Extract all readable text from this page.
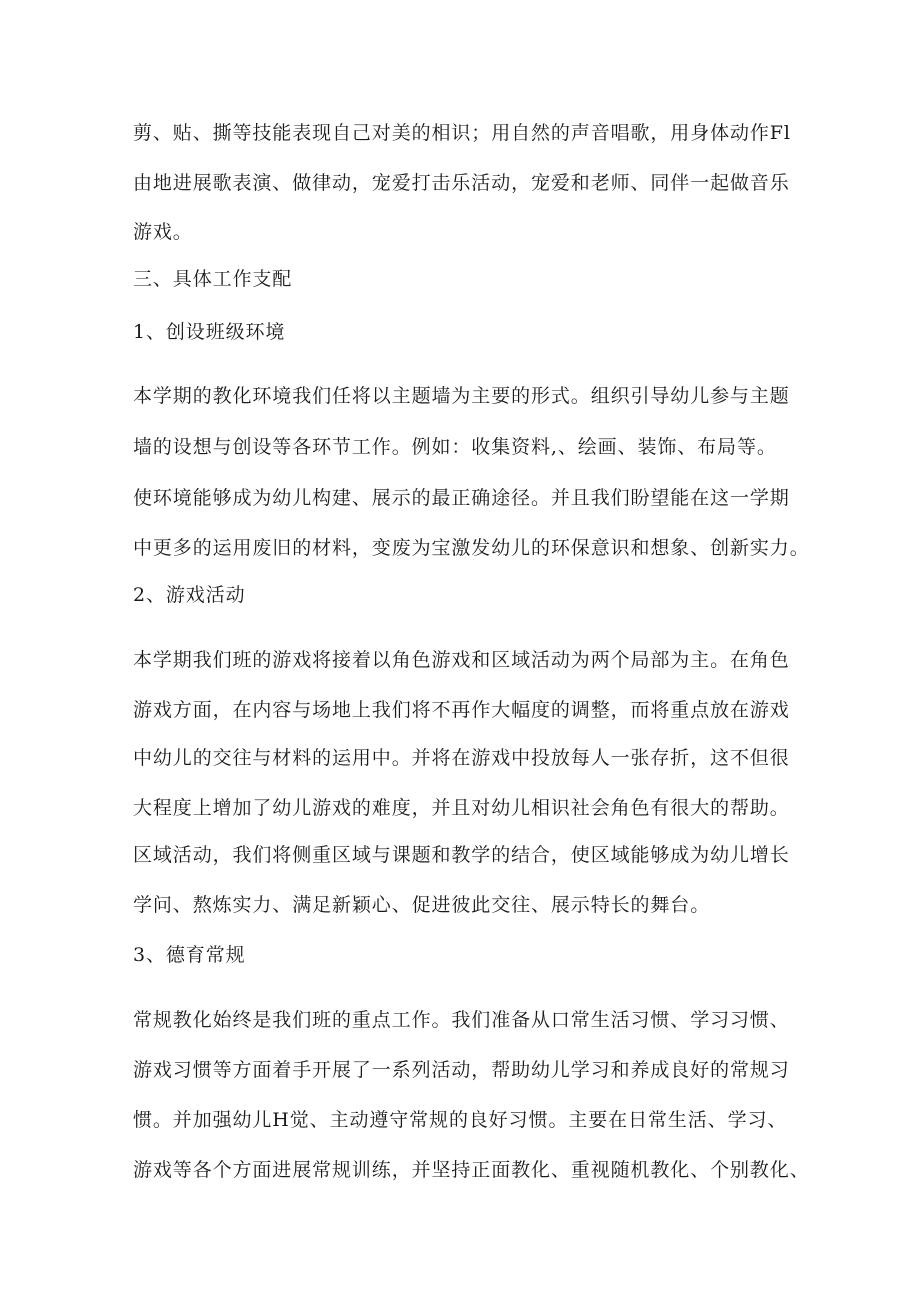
剪、贴、撕等技能表现自己对美的相识；用自然的声音唱歌，用身体动作Fl
由地进展歌表演、做律动，宠爱打击乐活动，宠爱和老师、同伴一起做音乐
游戏。
三、具体工作支配
1、创设班级环境
本学期的教化环境我们任将以主题墙为主要的形式。组织引导幼儿参与主题
墙的设想与创设等各环节工作。例如：收集资料,、绘画、装饰、布局等。
使环境能够成为幼儿构建、展示的最正确途径。并且我们盼望能在这一学期
中更多的运用废旧的材料，变废为宝激发幼儿的环保意识和想象、创新实力。
2、游戏活动
本学期我们班的游戏将接着以角色游戏和区域活动为两个局部为主。在角色
游戏方面，在内容与场地上我们将不再作大幅度的调整，而将重点放在游戏
中幼儿的交往与材料的运用中。并将在游戏中投放每人一张存折，这不但很
大程度上增加了幼儿游戏的难度，并且对幼儿相识社会角色有很大的帮助。
区域活动，我们将侧重区域与课题和教学的结合，使区域能够成为幼儿增长
学问、熬炼实力、满足新颖心、促进彼此交往、展示特长的舞台。
3、德育常规
常规教化始终是我们班的重点工作。我们准备从口常生活习惯、学习习惯、
游戏习惯等方面着手开展了一系列活动，帮助幼儿学习和养成良好的常规习
惯。并加强幼儿H觉、主动遵守常规的良好习惯。主要在日常生活、学习、
游戏等各个方面进展常规训练，并坚持正面教化、重视随机教化、个别教化、
